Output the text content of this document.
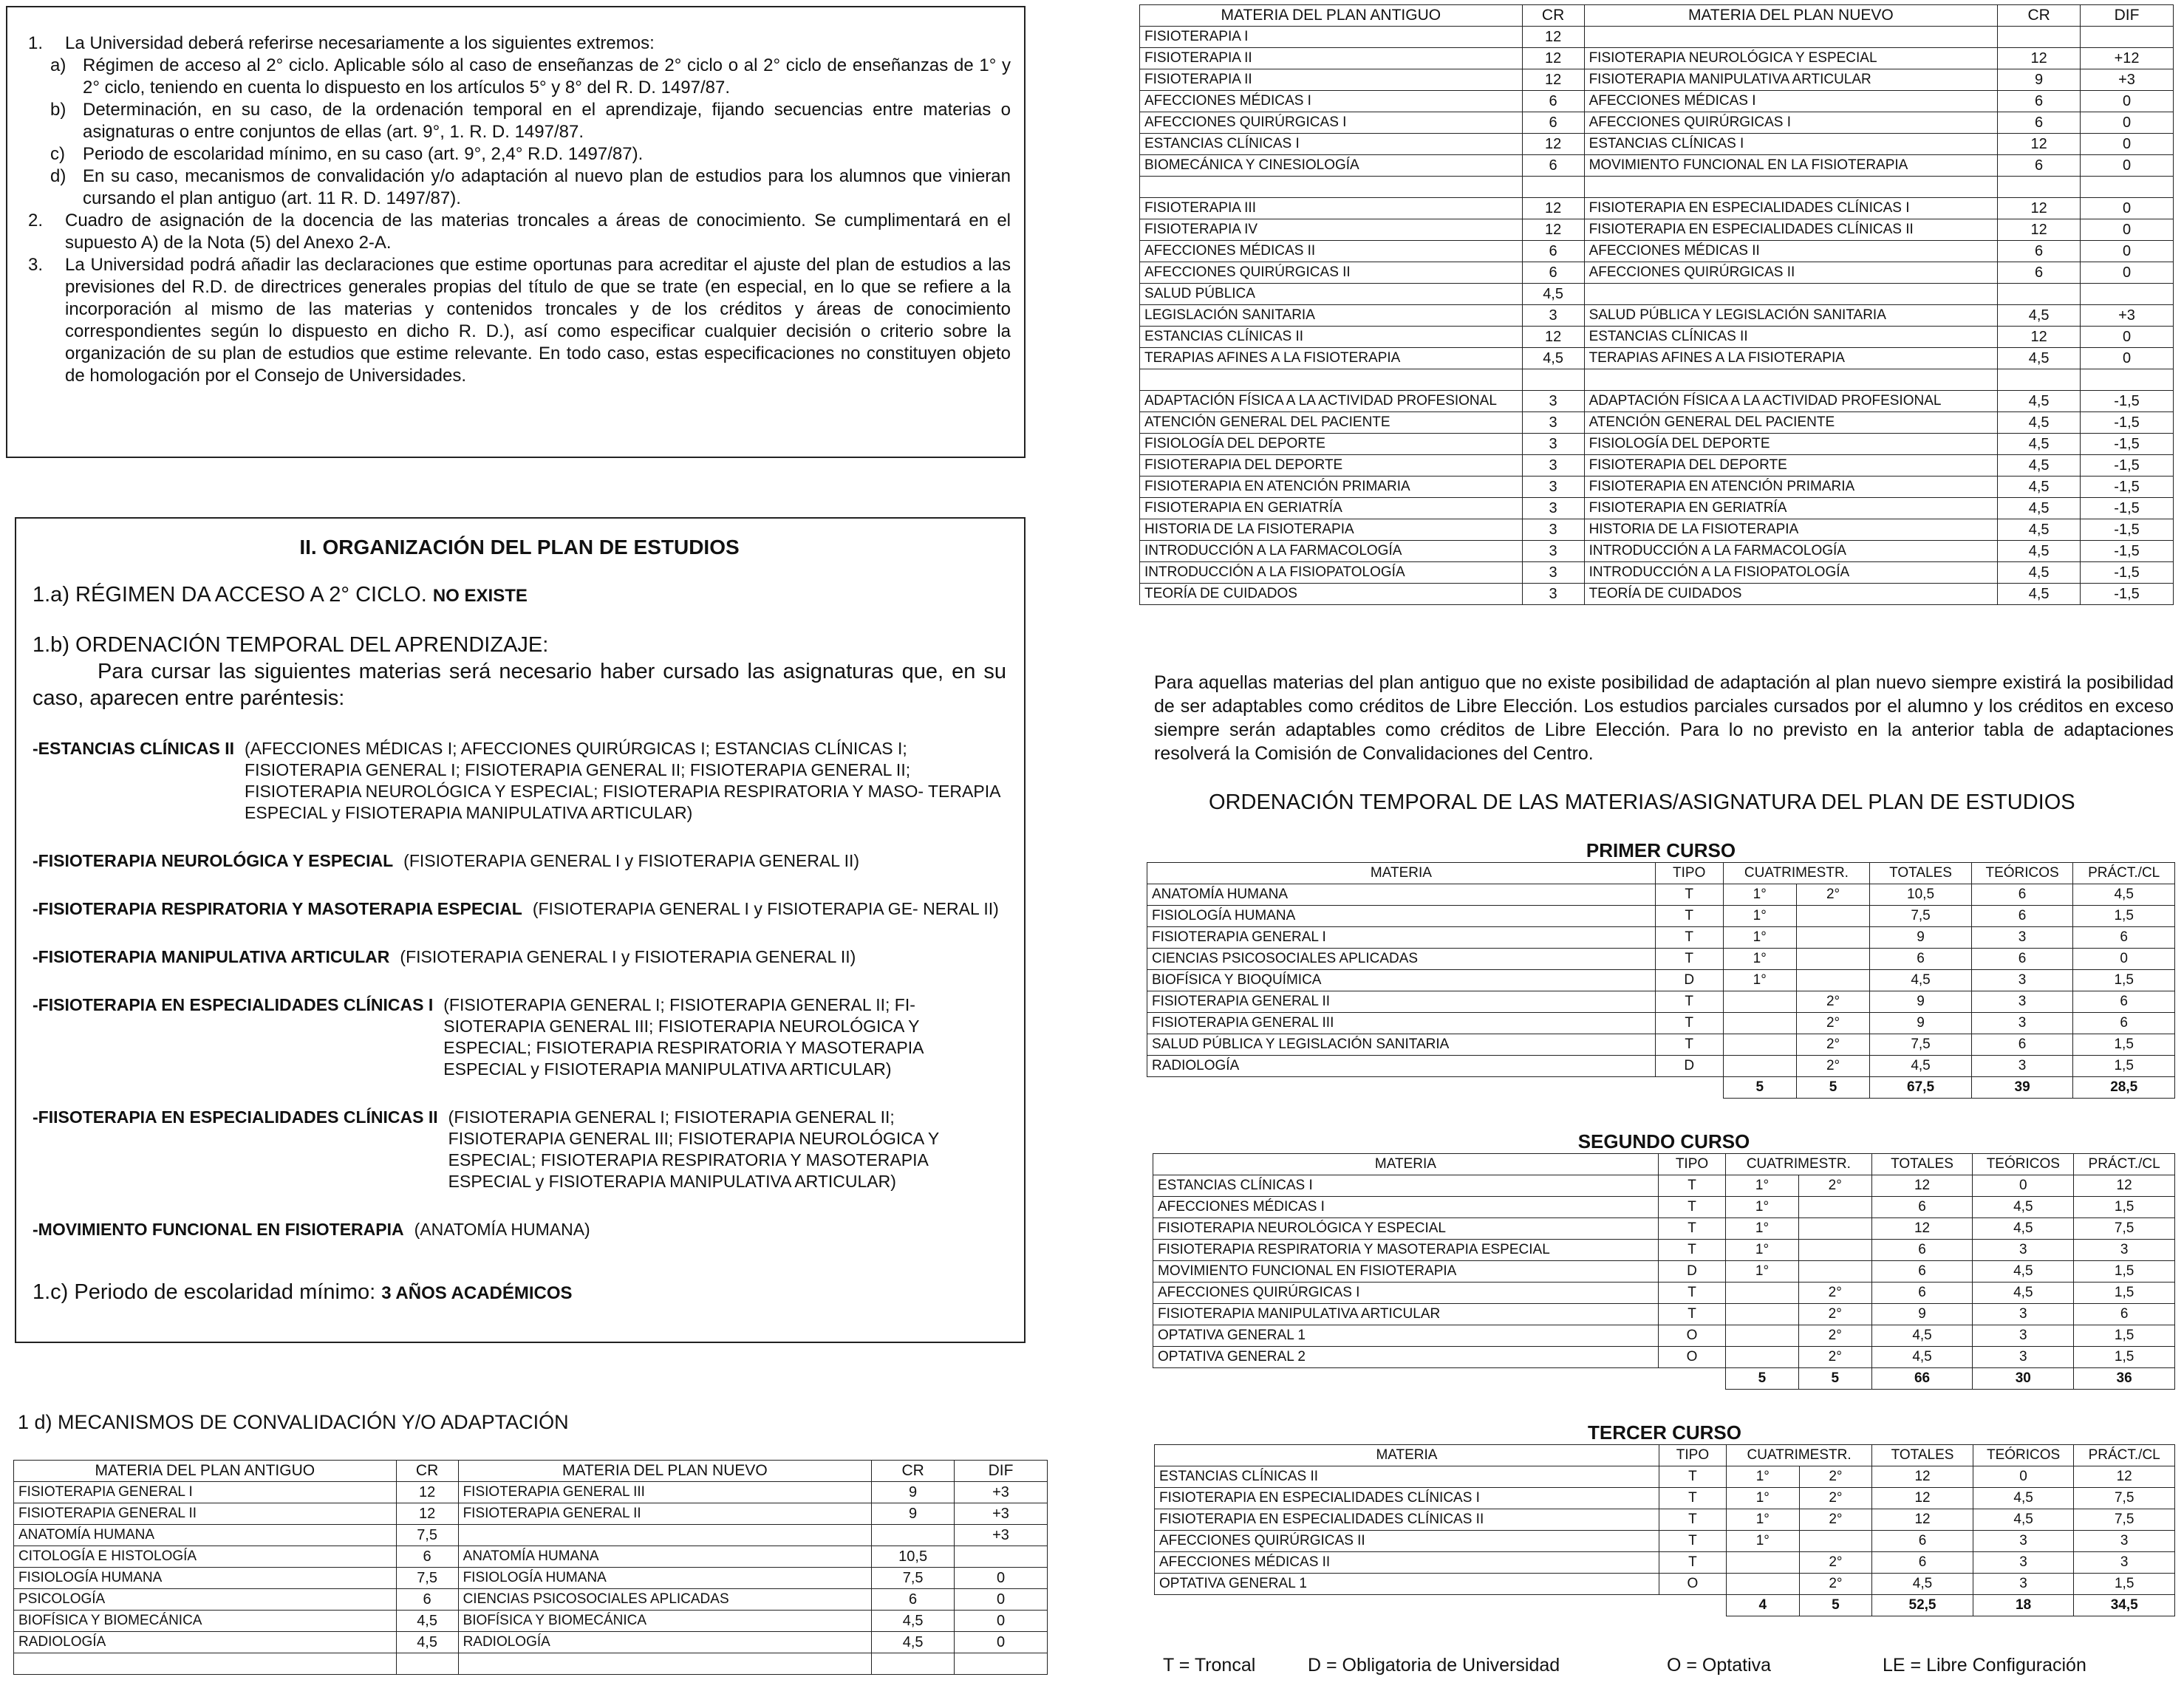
1.	La Universidad deberá referirse necesariamente a los siguientes extremos:
a) Régimen de acceso al 2° ciclo. Aplicable sólo al caso de enseñanzas de 2° ciclo o al 2° ciclo de enseñanzas de 1° y 2° ciclo, teniendo en cuenta lo dispuesto en los artículos 5° y 8° del R. D. 1497/87.
b) Determinación, en su caso, de la ordenación temporal en el aprendizaje, fijando secuencias entre materias o asignaturas o entre conjuntos de ellas (art. 9°, 1. R. D. 1497/87.
c)	Periodo de escolaridad mínimo, en su caso (art. 9°, 2,4° R.D. 1497/87).
d) En su caso, mecanismos de convalidación y/o adaptación al nuevo plan de estudios para los alumnos que vinieran cursando el plan antiguo (art. 11 R. D. 1497/87).
2.	Cuadro de asignación de la docencia de las materias troncales a áreas de conocimiento. Se cumplimentará en el supuesto A) de la Nota (5) del Anexo 2-A.
3.	La Universidad podrá añadir las declaraciones que estime oportunas para acreditar el ajuste del plan de estudios a las previsiones del R.D. de directrices generales propias del título de que se trate (en especial, en lo que se refiere a la incorporación al mismo de las materias y contenidos troncales y de los créditos y áreas de conocimiento correspondientes según lo dispuesto en dicho R. D.), así como especificar cualquier decisión o criterio sobre la organización de su plan de estudios que estime relevante. En todo caso, estas especificaciones no constituyen objeto de homologación por el Consejo de Universidades.
II. ORGANIZACIÓN DEL PLAN DE ESTUDIOS
1.a) RÉGIMEN DA ACCESO A 2° CICLO. NO EXISTE
1.b) ORDENACIÓN TEMPORAL DEL APRENDIZAJE:
Para cursar las siguientes materias será necesario haber cursado las asignaturas que, en su caso, aparecen entre paréntesis:
-ESTANCIAS CLÍNICAS II (AFECCIONES MÉDICAS I; AFECCIONES QUIRÚRGICAS I; ESTANCIAS CLÍNICAS I; FISIOTERAPIA GENERAL I; FISIOTERAPIA GENERAL II; FISIOTERAPIA GENERAL II; FISIOTERAPIA NEUROLÓGICA Y ESPECIAL; FISIOTERAPIA RESPIRATORIA Y MASO- TERAPIA ESPECIAL y FISIOTERAPIA MANIPULATIVA ARTICULAR)
-FISIOTERAPIA NEUROLÓGICA Y ESPECIAL (FISIOTERAPIA GENERAL I y FISIOTERAPIA GENERAL II)
-FISIOTERAPIA RESPIRATORIA Y MASOTERAPIA ESPECIAL (FISIOTERAPIA GENERAL I y FISIOTERAPIA GE- NERAL II)
-FISIOTERAPIA MANIPULATIVA ARTICULAR (FISIOTERAPIA GENERAL I y FISIOTERAPIA GENERAL II)
-FISIOTERAPIA EN ESPECIALIDADES CLÍNICAS I (FISIOTERAPIA GENERAL I; FISIOTERAPIA GENERAL II; FI- SIOTERAPIA GENERAL III; FISIOTERAPIA NEUROLÓGICA Y ESPECIAL; FISIOTERAPIA RESPIRATORIA Y MASOTERAPIA ESPECIAL y FISIOTERAPIA MANIPULATIVA ARTICULAR)
-FIISOTERAPIA EN ESPECIALIDADES CLÍNICAS II (FISIOTERAPIA GENERAL I; FISIOTERAPIA GENERAL II; FISIOTERAPIA GENERAL III; FISIOTERAPIA NEUROLÓGICA Y ESPECIAL; FISIOTERAPIA RESPIRATORIA Y MASOTERAPIA ESPECIAL y FISIOTERAPIA MANIPULATIVA ARTICULAR)
-MOVIMIENTO FUNCIONAL EN FISIOTERAPIA (ANATOMÍA HUMANA)
1.c) Periodo de escolaridad mínimo: 3 AÑOS ACADÉMICOS
1 d) MECANISMOS DE CONVALIDACIÓN Y/O ADAPTACIÓN
MATERIA DEL PLAN ANTIGUO	CR	MATERIA DEL PLAN NUEVO	CR	DIF
FISIOTERAPIA GENERAL I	12	FISIOTERAPIA GENERAL III	9	+3
FISIOTERAPIA GENERAL II	12	FISIOTERAPIA GENERAL II	9	+3
ANATOMÍA HUMANA	7,5			+3
CITOLOGÍA E HISTOLOGÍA	6	ANATOMÍA HUMANA	10,5	
FISIOLOGÍA HUMANA	7,5	FISIOLOGÍA HUMANA	7,5	0
PSICOLOGÍA	6	CIENCIAS PSICOSOCIALES APLICADAS	6	0
BIOFÍSICA Y BIOMECÁNICA	4,5	BIOFÍSICA Y BIOMECÁNICA	4,5	0
RADIOLOGÍA	4,5	RADIOLOGÍA	4,5	0

MATERIA DEL PLAN ANTIGUO	CR	MATERIA DEL PLAN NUEVO	CR	DIF
FISIOTERAPIA I	12			
FISIOTERAPIA II	12	FISIOTERAPIA NEUROLÓGICA Y ESPECIAL	12	+12
FISIOTERAPIA II	12	FISIOTERAPIA MANIPULATIVA ARTICULAR	9	+3
AFECCIONES MÉDICAS I	6	AFECCIONES MÉDICAS I	6	0
AFECCIONES QUIRÚRGICAS I	6	AFECCIONES QUIRÚRGICAS I	6	0
ESTANCIAS CLÍNICAS I	12	ESTANCIAS CLÍNICAS I	12	0
BIOMECÁNICA Y CINESIOLOGÍA	6	MOVIMIENTO FUNCIONAL EN LA FISIOTERAPIA	6	0

FISIOTERAPIA III	12	FISIOTERAPIA EN ESPECIALIDADES CLÍNICAS I	12	0
FISIOTERAPIA IV	12	FISIOTERAPIA EN ESPECIALIDADES CLÍNICAS II	12	0
AFECCIONES MÉDICAS II	6	AFECCIONES MÉDICAS II	6	0
AFECCIONES QUIRÚRGICAS II	6	AFECCIONES QUIRÚRGICAS II	6	0
SALUD PÚBLICA	4,5			
LEGISLACIÓN SANITARIA	3	SALUD PÚBLICA Y LEGISLACIÓN SANITARIA	4,5	+3
ESTANCIAS CLÍNICAS II	12	ESTANCIAS CLÍNICAS II	12	0
TERAPIAS AFINES A LA FISIOTERAPIA	4,5	TERAPIAS AFINES A LA FISIOTERAPIA	4,5	0

ADAPTACIÓN FÍSICA A LA ACTIVIDAD PROFESIONAL	3	ADAPTACIÓN FÍSICA A LA ACTIVIDAD PROFESIONAL	4,5	-1,5
ATENCIÓN GENERAL DEL PACIENTE	3	ATENCIÓN GENERAL DEL PACIENTE	4,5	-1,5
FISIOLOGÍA DEL DEPORTE	3	FISIOLOGÍA DEL DEPORTE	4,5	-1,5
FISIOTERAPIA DEL DEPORTE	3	FISIOTERAPIA DEL DEPORTE	4,5	-1,5
FISIOTERAPIA EN ATENCIÓN PRIMARIA	3	FISIOTERAPIA EN ATENCIÓN PRIMARIA	4,5	-1,5
FISIOTERAPIA EN GERIATRÍA	3	FISIOTERAPIA EN GERIATRÍA	4,5	-1,5
HISTORIA DE LA FISIOTERAPIA	3	HISTORIA DE LA FISIOTERAPIA	4,5	-1,5
INTRODUCCIÓN A LA FARMACOLOGÍA	3	INTRODUCCIÓN A LA FARMACOLOGÍA	4,5	-1,5
INTRODUCCIÓN A LA FISIOPATOLOGÍA	3	INTRODUCCIÓN A LA FISIOPATOLOGÍA	4,5	-1,5
TEORÍA DE CUIDADOS	3	TEORÍA DE CUIDADOS	4,5	-1,5
Para aquellas materias del plan antiguo que no existe posibilidad de adaptación al plan nuevo siempre existirá la posibilidad de ser adaptables como créditos de Libre Elección. Los estudios parciales cursados por el alumno y los créditos en exceso siempre serán adaptables como créditos de Libre Elección. Para lo no previsto en la anterior tabla de adaptaciones resolverá la Comisión de Convalidaciones del Centro.
ORDENACIÓN TEMPORAL DE LAS MATERIAS/ASIGNATURA DEL PLAN DE ESTUDIOS
PRIMER CURSO
MATERIA	TIPO	CUATRIMESTR.		TOTALES	TEÓRICOS	PRÁCT./CL
ANATOMÍA HUMANA	T	1°	2°	10,5	6	4,5
FISIOLOGÍA HUMANA	T	1°		7,5	6	1,5
FISIOTERAPIA GENERAL I	T	1°		9	3	6
CIENCIAS PSICOSOCIALES APLICADAS	T	1°		6	6	0
BIOFÍSICA Y BIOQUÍMICA	D	1°		4,5	3	1,5
FISIOTERAPIA GENERAL II	T		2°	9	3	6
FISIOTERAPIA GENERAL III	T		2°	9	3	6
SALUD PÚBLICA Y LEGISLACIÓN SANITARIA	T		2°	7,5	6	1,5
RADIOLOGÍA	D		2°	4,5	3	1,5
		5	5	67,5	39	28,5
SEGUNDO CURSO
MATERIA	TIPO	CUATRIMESTR.		TOTALES	TEÓRICOS	PRÁCT./CL
ESTANCIAS CLÍNICAS I	T	1°	2°	12	0	12
AFECCIONES MÉDICAS I	T	1°		6	4,5	1,5
FISIOTERAPIA NEUROLÓGICA Y ESPECIAL	T	1°		12	4,5	7,5
FISIOTERAPIA RESPIRATORIA Y MASOTERAPIA ESPECIAL	T	1°		6	3	3
MOVIMIENTO FUNCIONAL EN FISIOTERAPIA	D	1°		6	4,5	1,5
AFECCIONES QUIRÚRGICAS I	T		2°	6	4,5	1,5
FISIOTERAPIA MANIPULATIVA ARTICULAR	T		2°	9	3	6
OPTATIVA GENERAL 1	O		2°	4,5	3	1,5
OPTATIVA GENERAL 2	O		2°	4,5	3	1,5
		5	5	66	30	36
TERCER CURSO
MATERIA	TIPO	CUATRIMESTR.		TOTALES	TEÓRICOS	PRÁCT./CL
ESTANCIAS CLÍNICAS II	T	1°	2°	12	0	12
FISIOTERAPIA EN ESPECIALIDADES CLÍNICAS I	T	1°	2°	12	4,5	7,5
FISIOTERAPIA EN ESPECIALIDADES CLÍNICAS II	T	1°	2°	12	4,5	7,5
AFECCIONES QUIRÚRGICAS II	T	1°		6	3	3
AFECCIONES MÉDICAS II	T		2°	6	3	3
OPTATIVA GENERAL 1	O		2°	4,5	3	1,5
		4	5	52,5	18	34,5
T = Troncal	D = Obligatoria de Universidad	O = Optativa	LE = Libre Configuración
